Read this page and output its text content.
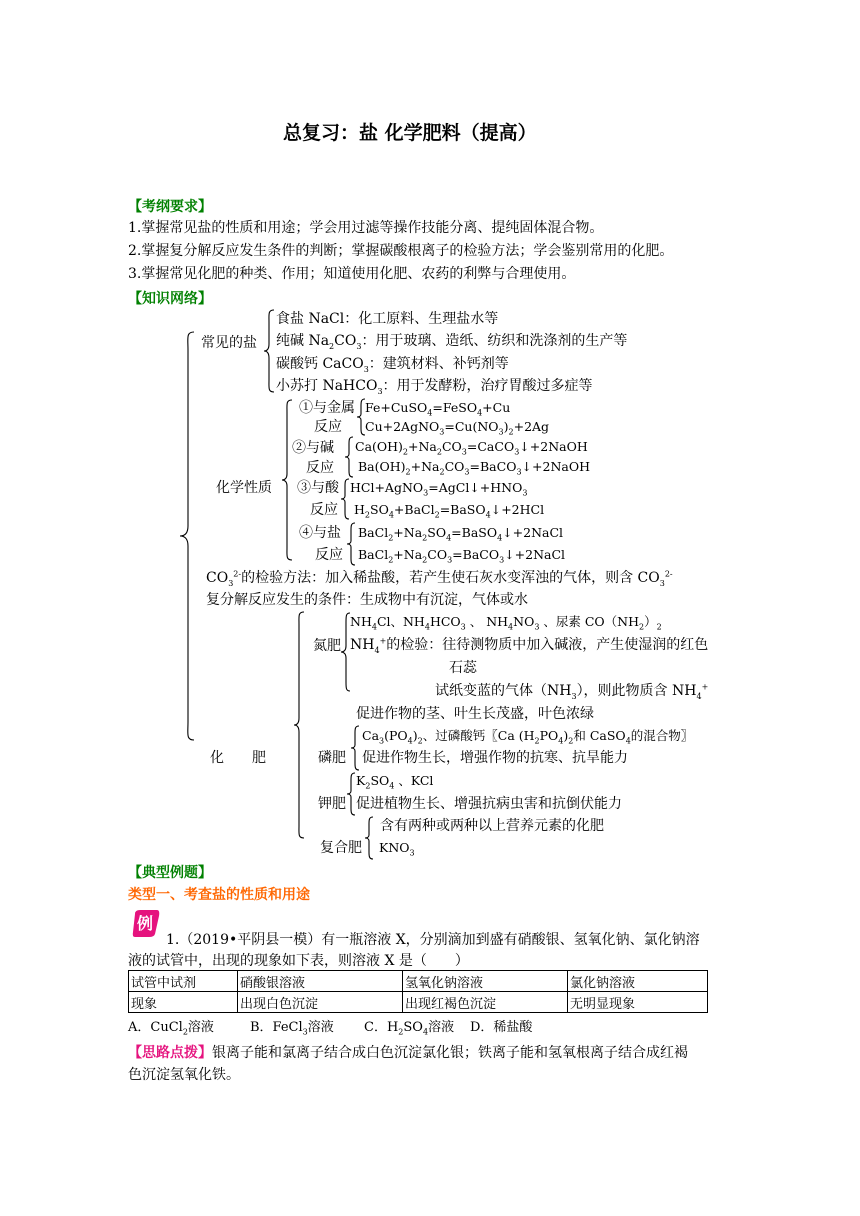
总复习：盐 化学肥料（提高）
【考纲要求】
1.掌握常见盐的性质和用途；学会用过滤等操作技能分离、提纯固体混合物。
2.掌握复分解反应发生条件的判断；掌握碳酸根离子的检验方法；学会鉴别常用的化肥。
3.掌握常见化肥的种类、作用；知道使用化肥、农药的利弊与合理使用。
【知识网络】
常见的盐
食盐 NaCl：化工原料、生理盐水等
纯碱 $Na_2CO_3$：用于玻璃、造纸、纺织和洗涤剂的生产等
碳酸钙 CaCO$_3$：建筑材料、补钙剂等
小苏打 NaHCO$_3$：用于发酵粉，治疗胃酸过多症等
化学性质
①与金属
反应
Fe+CuSO$_4$=FeSO$_4$+Cu
$Cu+2AgNO_3=Cu(NO_3)_2+2Ag$
②与碱
反应
$Ca(OH)_2+Na_2CO_3=CaCO_3↓+2NaOH$
$Ba(OH)_2+Na_2CO_3=BaCO_3↓+2NaOH$
③与酸
反应
$HCl+AgNO_3=AgCl↓+HNO_3$
$H_2SO_4+BaCl_2=BaSO_4↓+2HCl$
④与盐
反应
$BaCl_2+Na_2SO_4=BaSO_4↓+2NaCl$
$BaCl_2+Na_2CO_3=BaCO_3↓+2NaCl$
$CO_3^{2-}$的检验方法：加入稀盐酸，若产生使石灰水变浑浊的气体，则含 $CO_3^{2-}$
复分解反应发生的条件：生成物中有沉淀，气体或水
化　　肥
氮肥
$NH_4Cl$、$NH_4HCO_3$ 、 $NH_4NO_3$ 、尿素 $CO(NH_2)_2$
$NH_4^+$的检验：往待测物质中加入碱液，产生使湿润的红色
石蕊
试纸变蓝的气体$(NH_3)$，则此物质含 $NH_4^+$
促进作物的茎、叶生长茂盛，叶色浓绿
磷肥
$Ca_3(PO_4)_2$、过磷酸钙〖Ca $(H_2PO_4)_2$和 CaSO$_4$的混合物〗
促进作物生长，增强作物的抗寒、抗旱能力
钾肥
$K_2SO_4$ 、KCl
促进植物生长、增强抗病虫害和抗倒伏能力
复合肥
含有两种或两种以上营养元素的化肥
$KNO_3$
【典型例题】
类型一、考查盐的性质和用途
例
1.（2019•平阴县一模）有一瓶溶液 X，分别滴加到盛有硝酸银、氢氧化钠、氯化钠溶
液的试管中，出现的现象如下表，则溶液 X 是（　　）
试管中试剂	硝酸银溶液	氢氧化钠溶液	氯化钠溶液
现象	出现白色沉淀	出现红褐色沉淀	无明显现象
A．CuCl$_2$溶液	B．FeCl$_3$溶液 C．$H_2SO_4$溶液 D．稀盐酸
【思路点拨】银离子能和氯离子结合成白色沉淀氯化银；铁离子能和氢氧根离子结合成红褐
色沉淀氢氧化铁。
